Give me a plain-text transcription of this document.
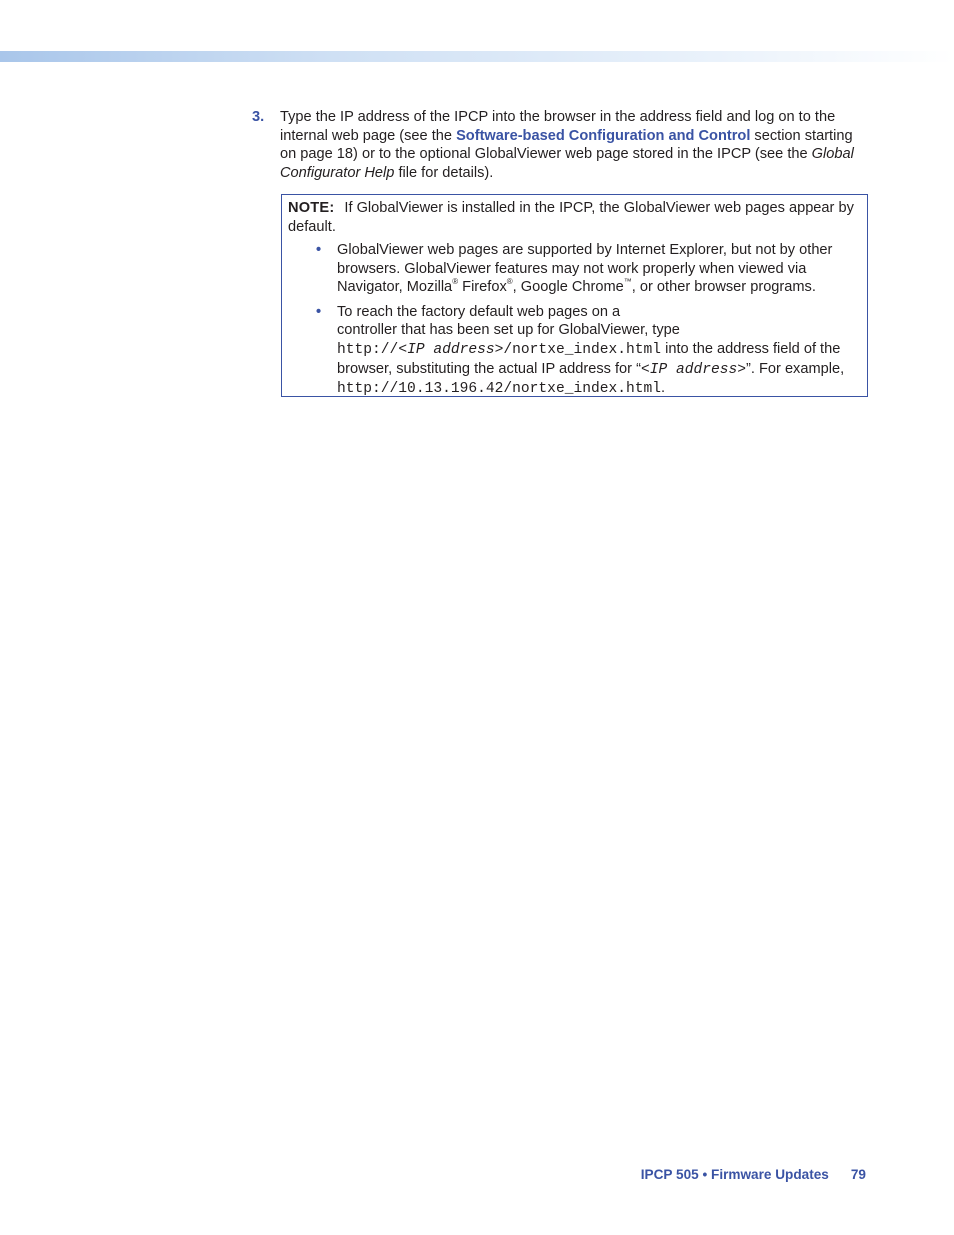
3. Type the IP address of the IPCP into the browser in the address field and log on to the internal web page (see the Software-based Configuration and Control section starting on page 18) or to the optional GlobalViewer web page stored in the IPCP (see the Global Configurator Help file for details).
NOTE: If GlobalViewer is installed in the IPCP, the GlobalViewer web pages appear by default.
• GlobalViewer web pages are supported by Internet Explorer, but not by other browsers. GlobalViewer features may not work properly when viewed via Navigator, Mozilla® Firefox®, Google Chrome™, or other browser programs.
• To reach the factory default web pages on a
controller that has been set up for GlobalViewer, type
http://<IP address>/nortxe_index.html into the address field of the browser, substituting the actual IP address for “<IP address>”. For example, http://10.13.196.42/nortxe_index.html.
IPCP 505 • Firmware Updates 79
